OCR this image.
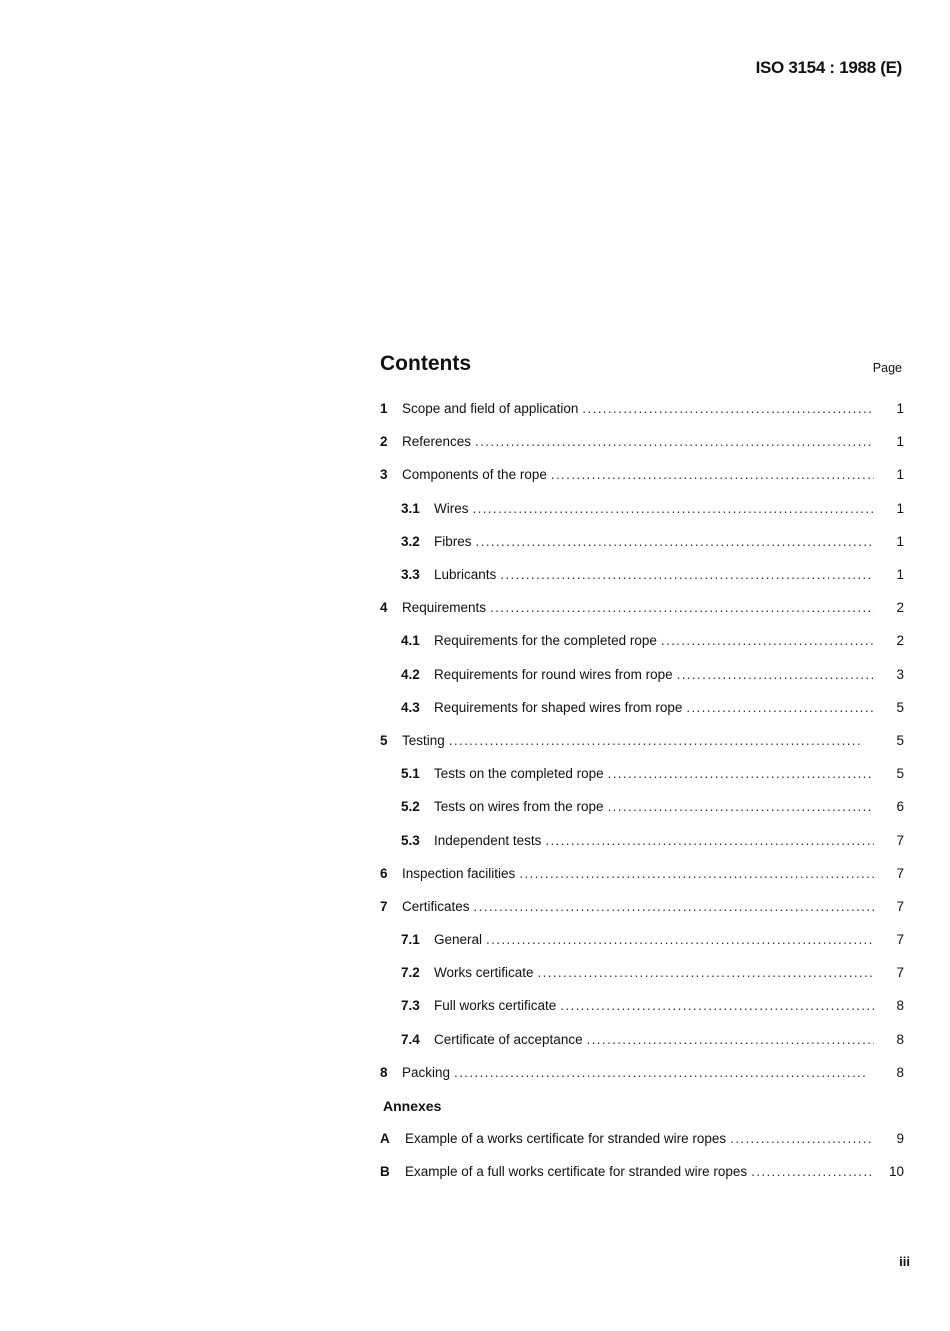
ISO 3154 : 1988 (E)
Contents	Page
1	Scope and field of application . . .	1
2	References . . .	1
3	Components of the rope . . .	1
3.1	Wires . . .	1
3.2	Fibres . . .	1
3.3	Lubricants . . .	1
4	Requirements . . .	2
4.1	Requirements for the completed rope . . .	2
4.2	Requirements for round wires from rope . . .	3
4.3	Requirements for shaped wires from rope . . .	5
5	Testing . . .	5
5.1	Tests on the completed rope . . .	5
5.2	Tests on wires from the rope . . .	6
5.3	Independent tests . . .	7
6	Inspection facilities . . .	7
7	Certificates . . .	7
7.1	General . . .	7
7.2	Works certificate . . .	7
7.3	Full works certificate . . .	8
7.4	Certificate of acceptance . . .	8
8	Packing . . .	8
Annexes
A	Example of a works certificate for stranded wire ropes . . .	9
B	Example of a full works certificate for stranded wire ropes . . .	10
iii
